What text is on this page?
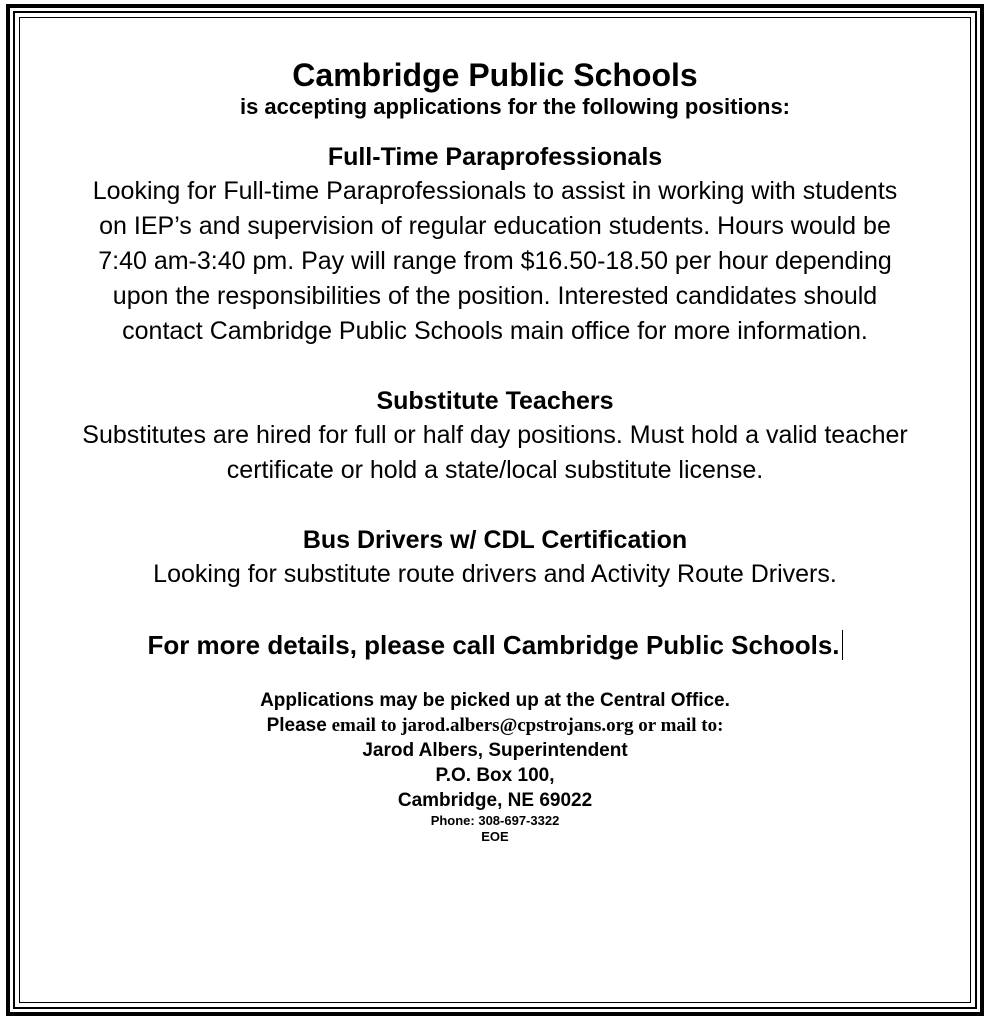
Cambridge Public Schools

is accepting applications for the following positions:

Full-Time Paraprofessionals

Looking for Full-time Paraprofessionals to assist in working with students on IEP’s and supervision of regular education students. Hours would be 7:40 am-3:40 pm. Pay will range from $16.50-18.50 per hour depending upon the responsibilities of the position. Interested candidates should contact Cambridge Public Schools main office for more information.

Substitute Teachers

Substitutes are hired for full or half day positions. Must hold a valid teacher certificate or hold a state/local substitute license.

Bus Drivers w/ CDL Certification

Looking for substitute route drivers and Activity Route Drivers.

For more details, please call Cambridge Public Schools.

Applications may be picked up at the Central Office.

Please email to jarod.albers@cpstrojans.org or mail to:

Jarod Albers, Superintendent

P.O. Box 100,

Cambridge, NE 69022

Phone: 308-697-3322

EOE
